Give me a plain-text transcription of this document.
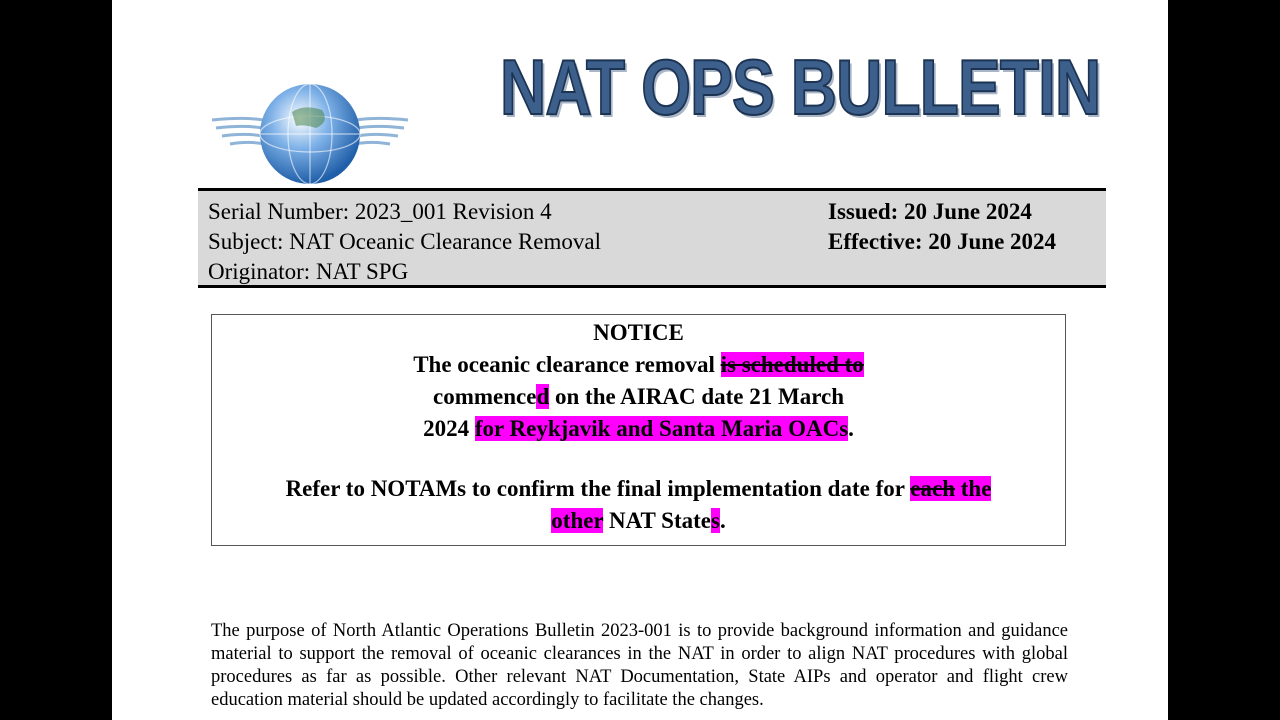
NAT OPS BULLETIN
Serial Number: 2023_001 Revision 4
Subject: NAT Oceanic Clearance Removal
Originator: NAT SPG
Issued: 20 June 2024
Effective: 20 June 2024
NOTICE
The oceanic clearance removal is scheduled to
commenced on the AIRAC date 21 March
2024 for Reykjavik and Santa Maria OACs.
Refer to NOTAMs to confirm the final implementation date for each the
other NAT States.
The purpose of North Atlantic Operations Bulletin 2023-001 is to provide background information and guidance material to support the removal of oceanic clearances in the NAT in order to align NAT procedures with global procedures as far as possible. Other relevant NAT Documentation, State AIPs and operator and flight crew education material should be updated accordingly to facilitate the changes.
